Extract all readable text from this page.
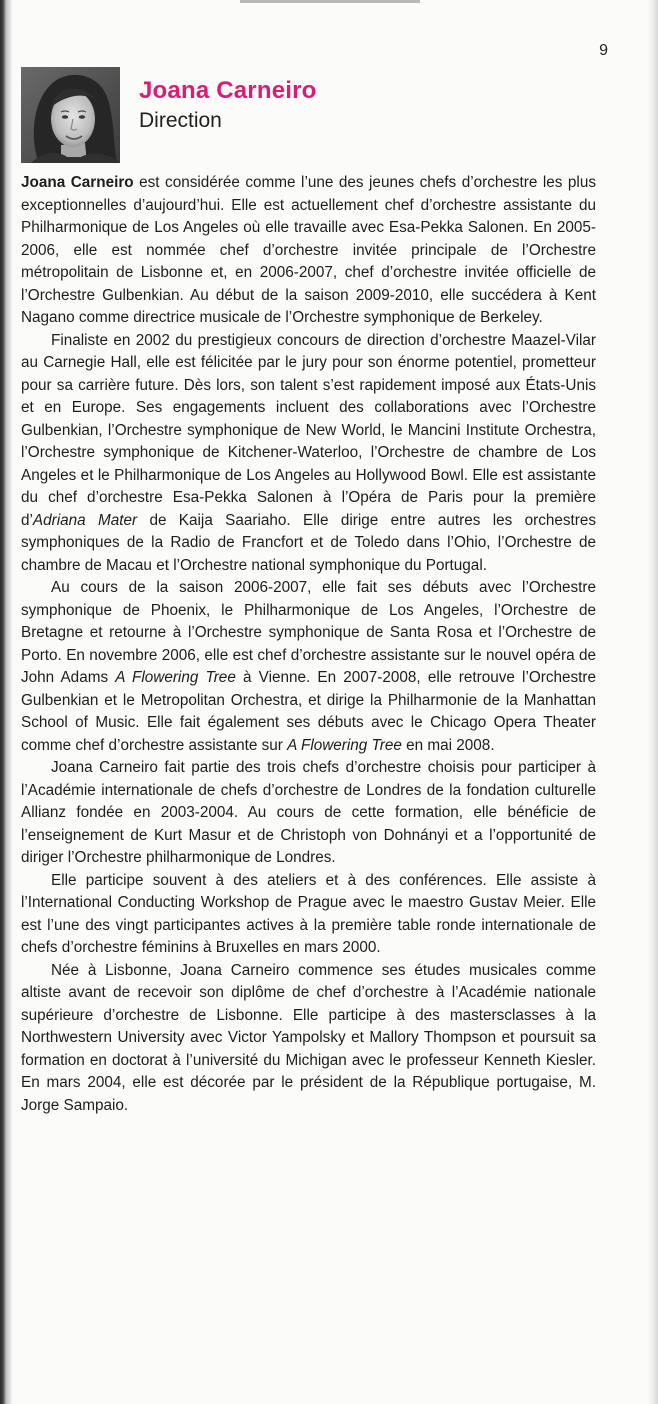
9
Joana Carneiro
Direction

Joana Carneiro est considérée comme l’une des jeunes chefs d’orchestre les plus exceptionnelles d’aujourd’hui. Elle est actuellement chef d’orchestre assistante du Philharmonique de Los Angeles où elle travaille avec Esa-Pekka Salonen. En 2005-2006, elle est nommée chef d’orchestre invitée principale de l’Orchestre métropolitain de Lisbonne et, en 2006-2007, chef d’orchestre invitée officielle de l’Orchestre Gulbenkian. Au début de la saison 2009-2010, elle succédera à Kent Nagano comme directrice musicale de l’Orchestre symphonique de Berkeley.

Finaliste en 2002 du prestigieux concours de direction d’orchestre Maazel-Vilar au Carnegie Hall, elle est félicitée par le jury pour son énorme potentiel, prometteur pour sa carrière future. Dès lors, son talent s’est rapidement imposé aux États-Unis et en Europe. Ses engagements incluent des collaborations avec l’Orchestre Gulbenkian, l’Orchestre symphonique de New World, le Mancini Institute Orchestra, l’Orchestre symphonique de Kitchener-Waterloo, l’Orchestre de chambre de Los Angeles et le Philharmonique de Los Angeles au Hollywood Bowl. Elle est assistante du chef d’orchestre Esa-Pekka Salonen à l’Opéra de Paris pour la première d’Adriana Mater de Kaija Saariaho. Elle dirige entre autres les orchestres symphoniques de la Radio de Francfort et de Toledo dans l’Ohio, l’Orchestre de chambre de Macau et l’Orchestre national symphonique du Portugal.

Au cours de la saison 2006-2007, elle fait ses débuts avec l’Orchestre symphonique de Phoenix, le Philharmonique de Los Angeles, l’Orchestre de Bretagne et retourne à l’Orchestre symphonique de Santa Rosa et l’Orchestre de Porto. En novembre 2006, elle est chef d’orchestre assistante sur le nouvel opéra de John Adams A Flowering Tree à Vienne. En 2007-2008, elle retrouve l’Orchestre Gulbenkian et le Metropolitan Orchestra, et dirige la Philharmonie de la Manhattan School of Music. Elle fait également ses débuts avec le Chicago Opera Theater comme chef d’orchestre assistante sur A Flowering Tree en mai 2008.

Joana Carneiro fait partie des trois chefs d’orchestre choisis pour participer à l’Académie internationale de chefs d’orchestre de Londres de la fondation culturelle Allianz fondée en 2003-2004. Au cours de cette formation, elle bénéficie de l’enseignement de Kurt Masur et de Christoph von Dohnányi et a l’opportunité de diriger l’Orchestre philharmonique de Londres.

Elle participe souvent à des ateliers et à des conférences. Elle assiste à l’International Conducting Workshop de Prague avec le maestro Gustav Meier. Elle est l’une des vingt participantes actives à la première table ronde internationale de chefs d’orchestre féminins à Bruxelles en mars 2000.

Née à Lisbonne, Joana Carneiro commence ses études musicales comme altiste avant de recevoir son diplôme de chef d’orchestre à l’Académie nationale supérieure d’orchestre de Lisbonne. Elle participe à des mastersclasses à la Northwestern University avec Victor Yampolsky et Mallory Thompson et poursuit sa formation en doctorat à l’université du Michigan avec le professeur Kenneth Kiesler. En mars 2004, elle est décorée par le président de la République portugaise, M. Jorge Sampaio.
